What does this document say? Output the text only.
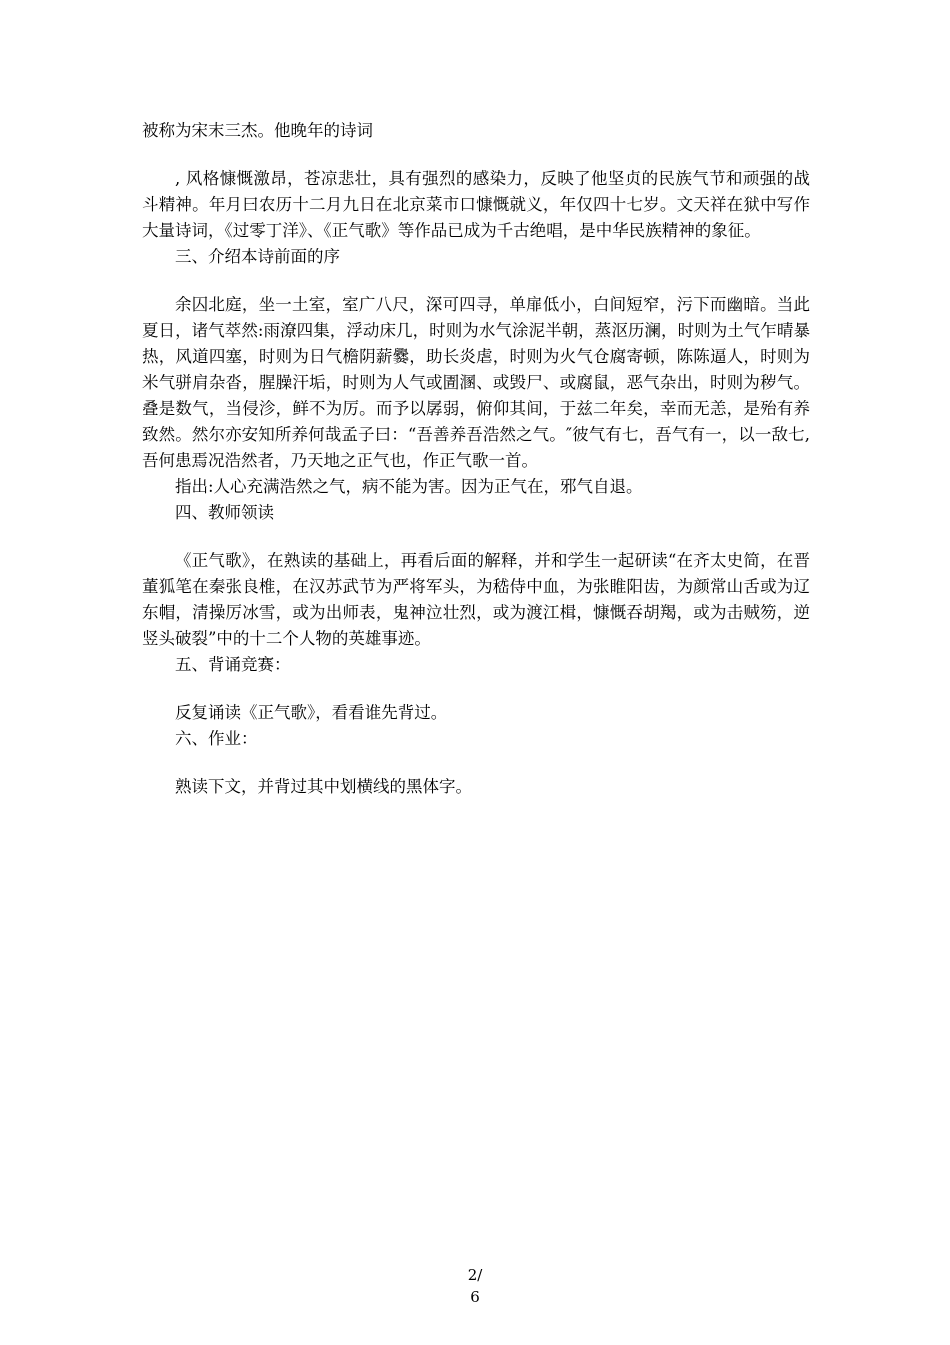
被称为宋末三杰。他晚年的诗词

, 风格慷慨激昂，苍凉悲壮，具有强烈的感染力，反映了他坚贞的民族气节和顽强的战斗精神。年月曰农历十二月九日在北京菜市口慷慨就义，年仅四十七岁。文天祥在狱中写作大量诗词，《过零丁洋》、《正气歌》等作品已成为千古绝唱，是中华民族精神的象征。

三、介绍本诗前面的序

余囚北庭，坐一土室，室广八尺，深可四寻，单扉低小，白间短窄，污下而幽暗。当此夏日，诸气萃然:雨潦四集，浮动床几，时则为水气涂泥半朝，蒸沤历澜，时则为土气乍晴暴热，风道四塞，时则为日气檐阴薪爨，助长炎虐，时则为火气仓腐寄顿，陈陈逼人，时则为米气骈肩杂沓，腥臊汗垢，时则为人气或圊溷、或毁尸、或腐鼠，恶气杂出，时则为秽气。叠是数气，当侵沴，鲜不为厉。而予以孱弱，俯仰其间，于兹二年矣，幸而无恙，是殆有养致然。然尔亦安知所养何哉孟子曰：“吾善养吾浩然之气。″彼气有七，吾气有一，以一敌七, 吾何患焉况浩然者，乃天地之正气也，作正气歌一首。

指出:人心充满浩然之气，病不能为害。因为正气在，邪气自退。

四、教师领读

《正气歌》，在熟读的基础上，再看后面的解释，并和学生一起研读“在齐太史简，在晋董狐笔在秦张良椎，在汉苏武节为严将军头，为嵇侍中血，为张睢阳齿，为颜常山舌或为辽东帽，清操厉冰雪，或为出师表，鬼神泣壮烈，或为渡江楫，慷慨吞胡羯，或为击贼笏，逆竖头破裂”中的十二个人物的英雄事迹。

五、背诵竞赛：

反复诵读《正气歌》，看看谁先背过。

六、作业：

熟读下文，并背过其中划横线的黑体字。

2/
6
